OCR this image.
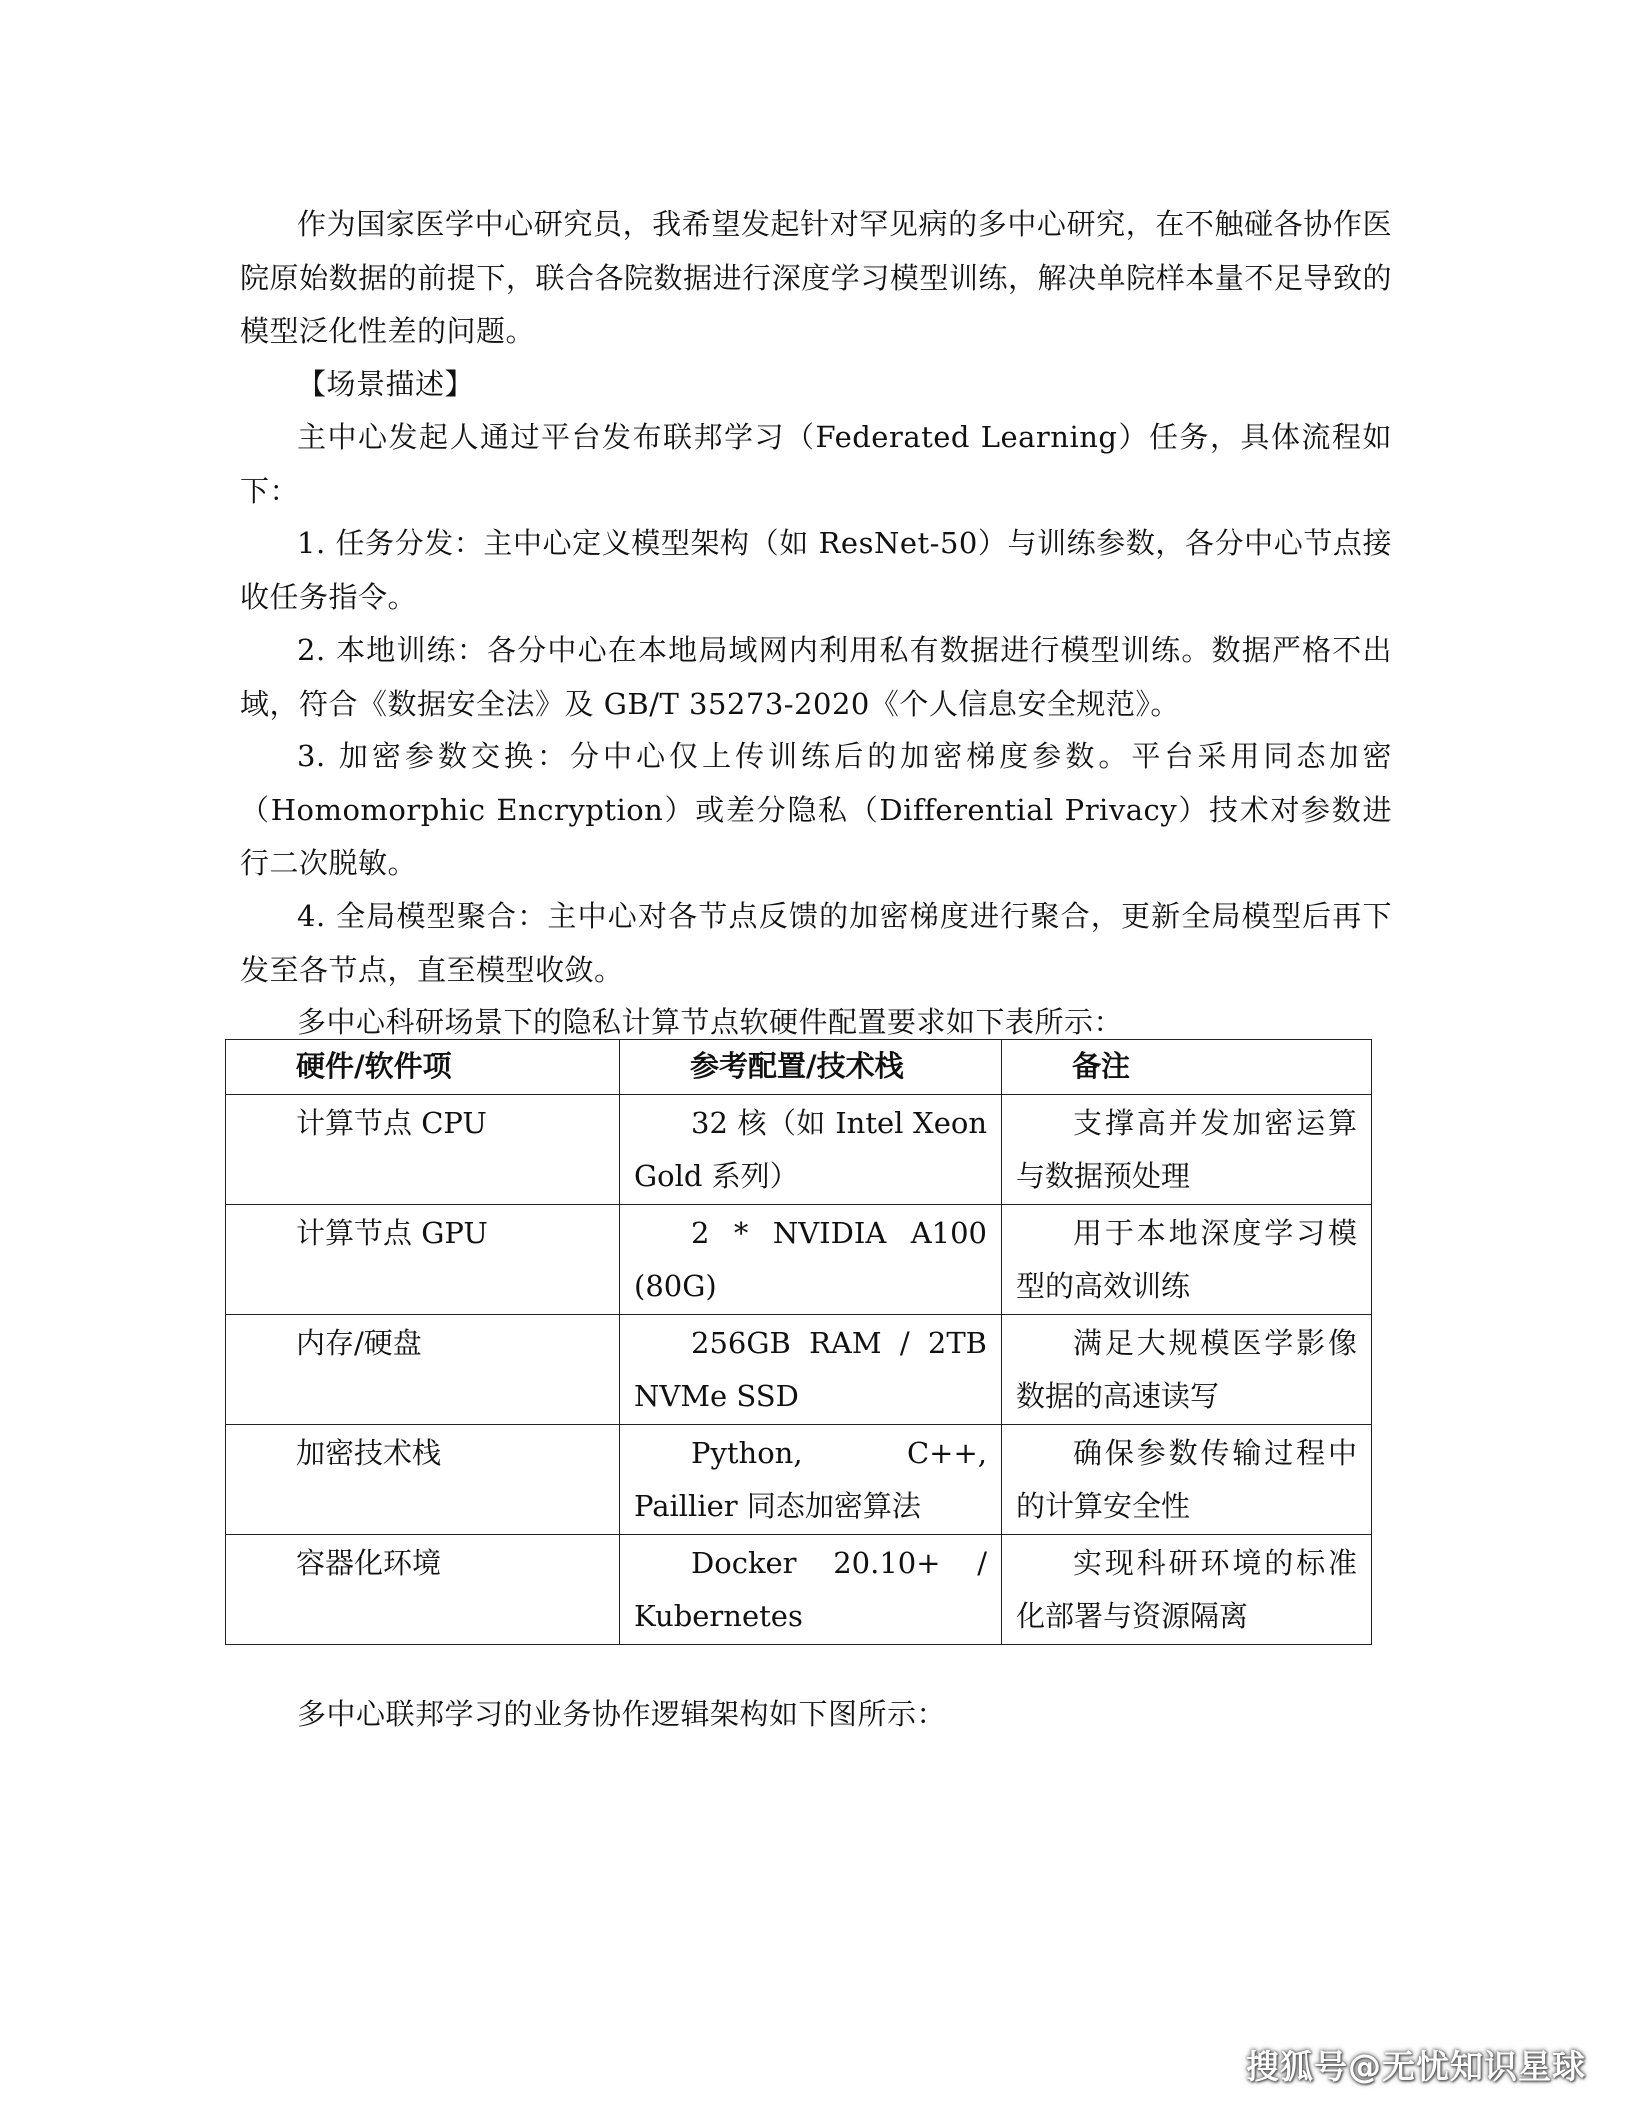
作为国家医学中心研究员，我希望发起针对罕见病的多中心研究，在不触碰各协作医院原始数据的前提下，联合各院数据进行深度学习模型训练，解决单院样本量不足导致的模型泛化性差的问题。

【场景描述】

主中心发起人通过平台发布联邦学习（Federated Learning）任务，具体流程如下：

1. 任务分发：主中心定义模型架构（如 ResNet-50）与训练参数，各分中心节点接收任务指令。

2. 本地训练：各分中心在本地局域网内利用私有数据进行模型训练。数据严格不出域，符合《数据安全法》及 GB/T 35273-2020《个人信息安全规范》。

3. 加密参数交换：分中心仅上传训练后的加密梯度参数。平台采用同态加密（Homomorphic Encryption）或差分隐私（Differential Privacy）技术对参数进行二次脱敏。

4. 全局模型聚合：主中心对各节点反馈的加密梯度进行聚合，更新全局模型后再下发至各节点，直至模型收敛。

多中心科研场景下的隐私计算节点软硬件配置要求如下表所示：

硬件/软件项	参考配置/技术栈	备注
计算节点 CPU	32 核（如 Intel Xeon Gold 系列）	支撑高并发加密运算与数据预处理

计算节点 GPU	2 * NVIDIA A100 (80G)	用于本地深度学习模型的高效训练

内存/硬盘	256GB RAM / 2TB NVMe SSD	满足大规模医学影像数据的高速读写

加密技术栈	Python, C++, Paillier 同态加密算法	确保参数传输过程中的计算安全性

容器化环境	Docker 20.10+ / Kubernetes	实现科研环境的标准化部署与资源隔离

多中心联邦学习的业务协作逻辑架构如下图所示：

搜狐号@无忧知识星球
